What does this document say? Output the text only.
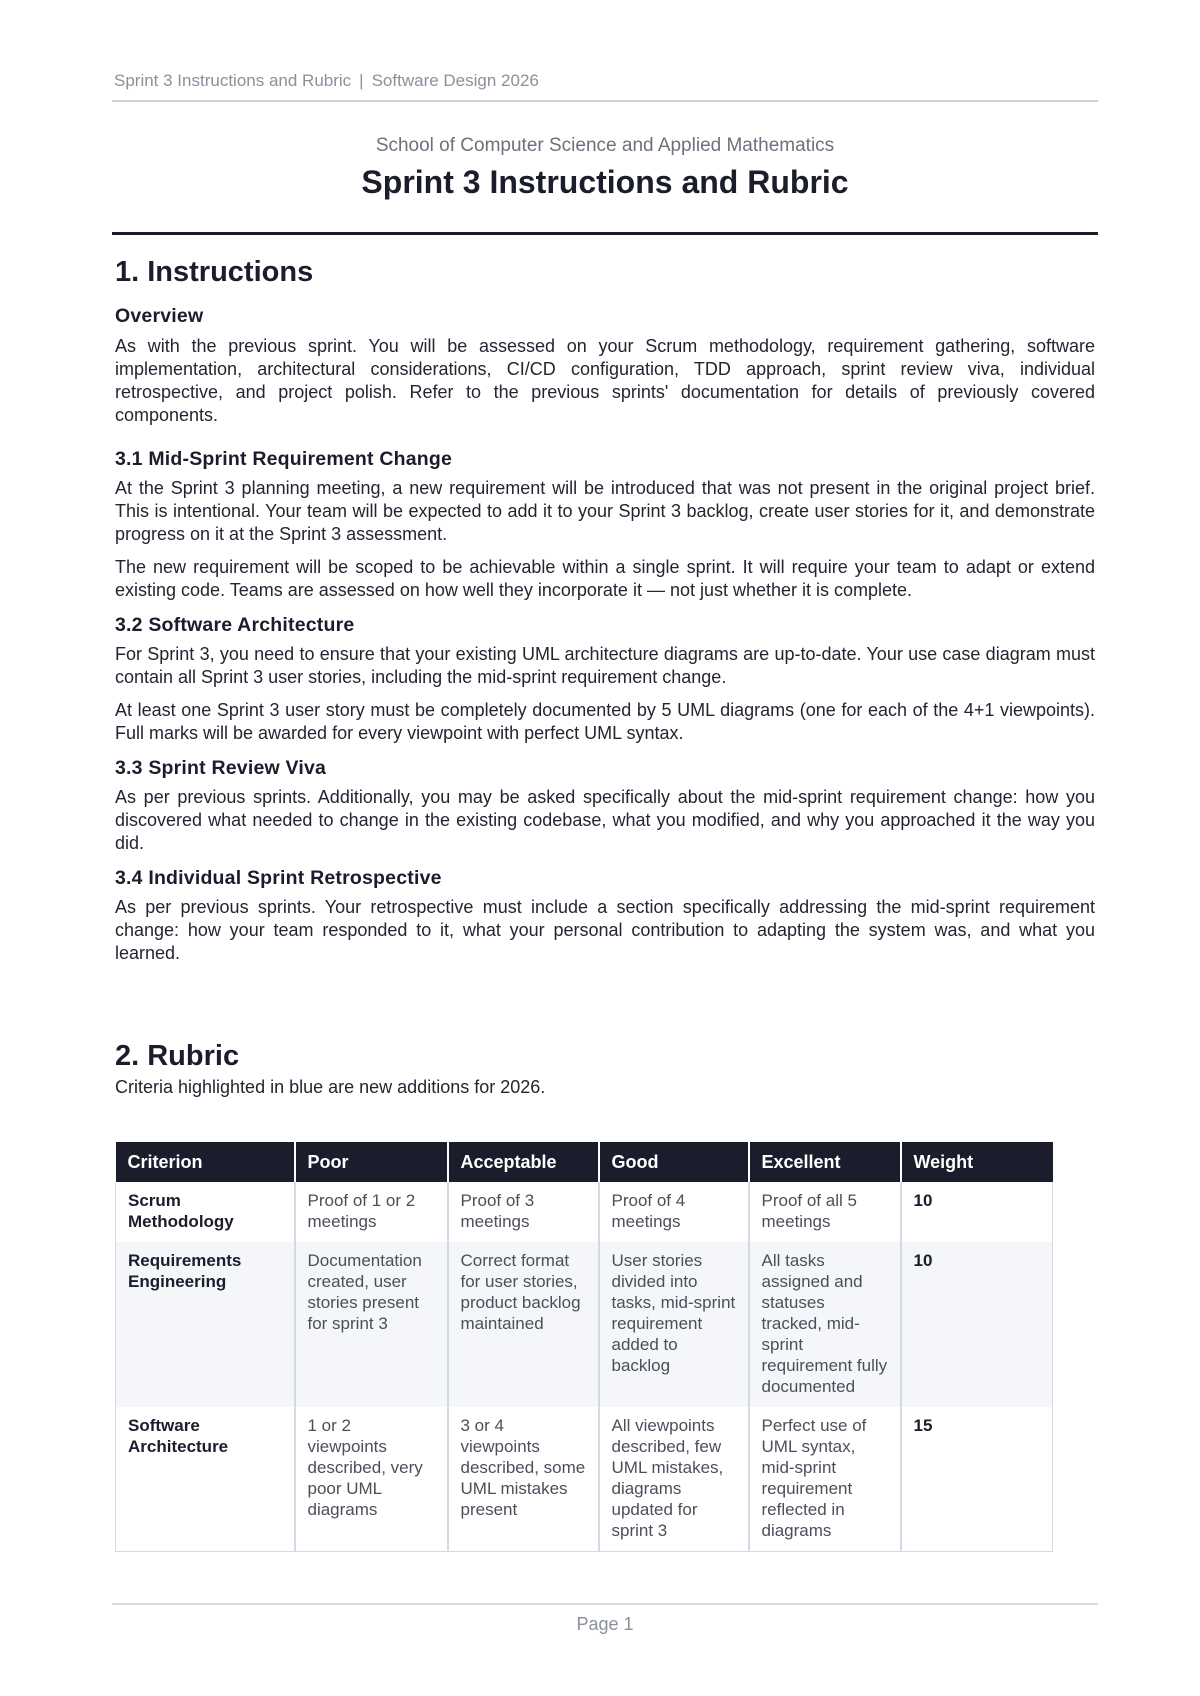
Sprint 3 Instructions and Rubric | Software Design 2026
School of Computer Science and Applied Mathematics
Sprint 3 Instructions and Rubric
1. Instructions
Overview

As with the previous sprint. You will be assessed on your Scrum methodology, requirement gathering, software implementation, architectural considerations, CI/CD configuration, TDD approach, sprint review viva, individual retrospective, and project polish. Refer to the previous sprints' documentation for details of previously covered components.

3.1 Mid-Sprint Requirement Change

At the Sprint 3 planning meeting, a new requirement will be introduced that was not present in the original project brief. This is intentional. Your team will be expected to add it to your Sprint 3 backlog, create user stories for it, and demonstrate progress on it at the Sprint 3 assessment.

The new requirement will be scoped to be achievable within a single sprint. It will require your team to adapt or extend existing code. Teams are assessed on how well they incorporate it — not just whether it is complete.

3.2 Software Architecture

For Sprint 3, you need to ensure that your existing UML architecture diagrams are up-to-date. Your use case diagram must contain all Sprint 3 user stories, including the mid-sprint requirement change.

At least one Sprint 3 user story must be completely documented by 5 UML diagrams (one for each of the 4+1 viewpoints). Full marks will be awarded for every viewpoint with perfect UML syntax.

3.3 Sprint Review Viva

As per previous sprints. Additionally, you may be asked specifically about the mid-sprint requirement change: how you discovered what needed to change in the existing codebase, what you modified, and why you approached it the way you did.

3.4 Individual Sprint Retrospective

As per previous sprints. Your retrospective must include a section specifically addressing the mid-sprint requirement change: how your team responded to it, what your personal contribution to adapting the system was, and what you learned.

2. Rubric
Criteria highlighted in blue are new additions for 2026.
Criterion	Poor	Acceptable	Good	Excellent	Weight
Scrum Methodology	Proof of 1 or 2 meetings	Proof of 3 meetings	Proof of 4 meetings	Proof of all 5 meetings	10
Requirements Engineering	Documentation created, user stories present for sprint 3	Correct format for user stories, product backlog maintained	User stories divided into tasks, mid-sprint requirement added to backlog	All tasks assigned and statuses tracked, mid-sprint requirement fully documented	10
Software Architecture	1 or 2 viewpoints described, very poor UML diagrams	3 or 4 viewpoints described, some UML mistakes present	All viewpoints described, few UML mistakes, diagrams updated for sprint 3	Perfect use of UML syntax, mid-sprint requirement reflected in diagrams	15
Page 1
